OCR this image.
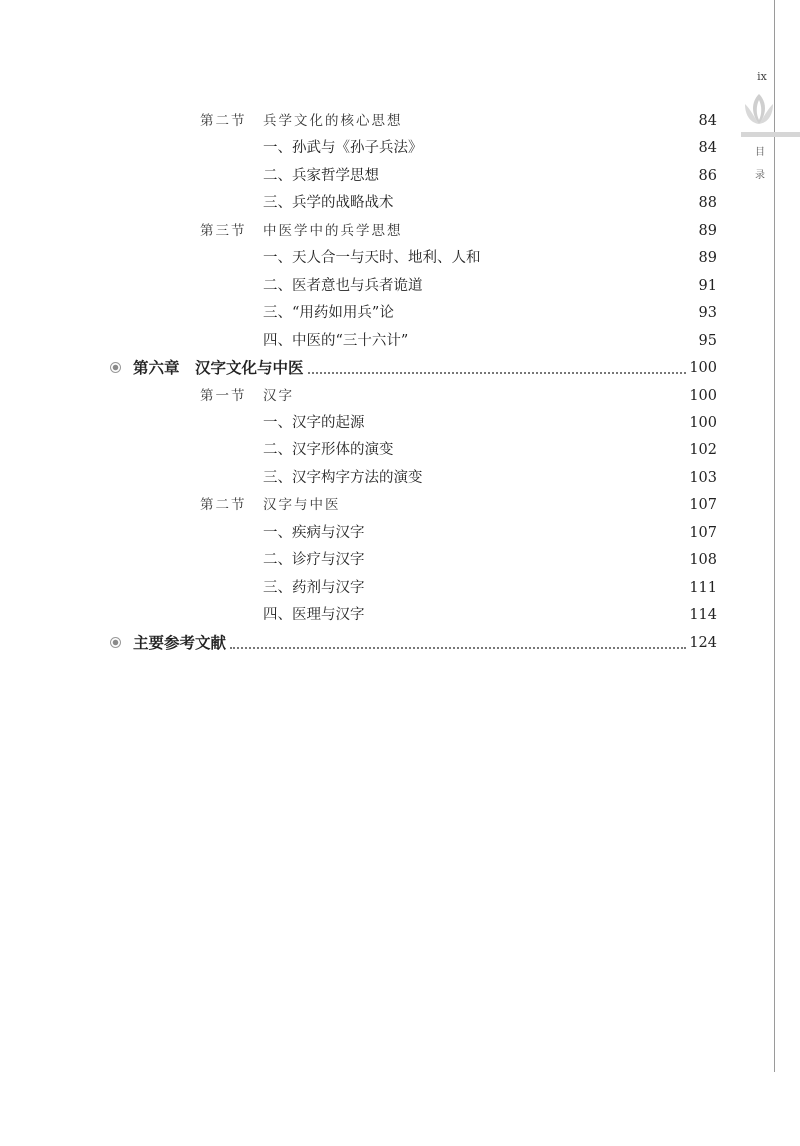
ix
目
录
第二节 兵学文化的核心思想	84
一、孙武与《孙子兵法》	84
二、兵家哲学思想	86
三、兵学的战略战术	88
第三节 中医学中的兵学思想	89
一、天人合一与天时、地利、人和	89
二、医者意也与兵者诡道	91
三、“用药如用兵”论	93
四、中医的“三十六计”	95
第六章　汉字文化与中医	100
第一节 汉字	100
一、汉字的起源	100
二、汉字形体的演变	102
三、汉字构字方法的演变	103
第二节 汉字与中医	107
一、疾病与汉字	107
二、诊疗与汉字	108
三、药剂与汉字	111
四、医理与汉字	114
主要参考文献	124
